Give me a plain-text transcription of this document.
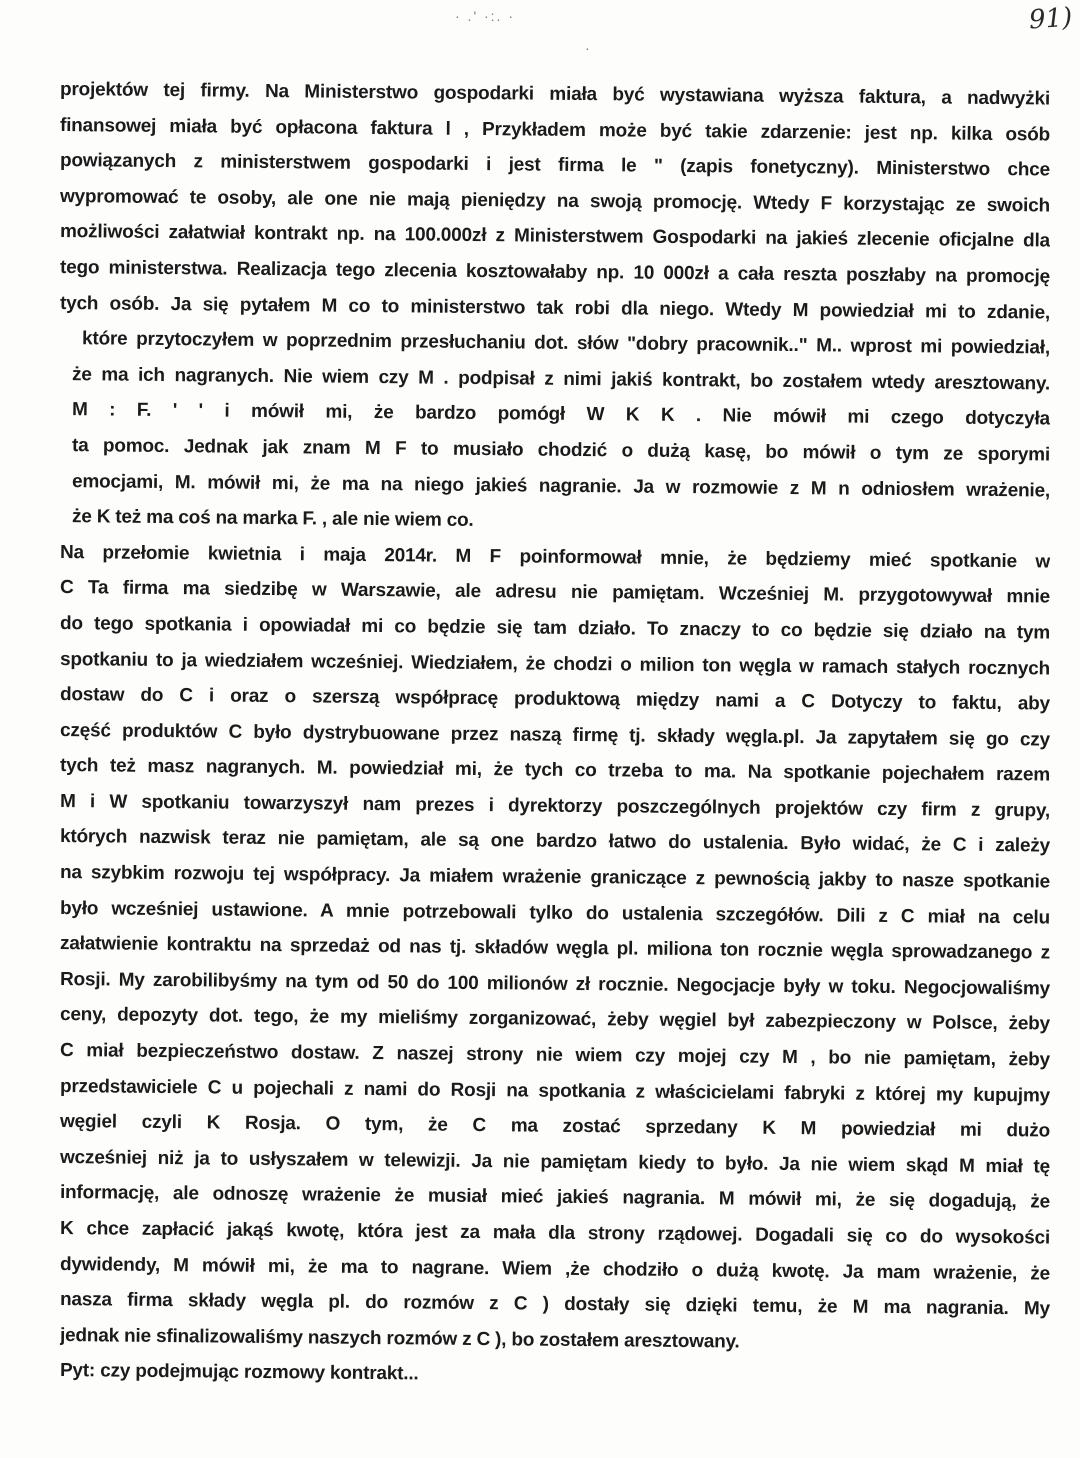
· .' ·:. ·
·
91)
projektów tej firmy. Na Ministerstwo gospodarki miała być wystawiana wyższa faktura, a nadwyżki
finansowej miała być opłacona faktura l , Przykładem może być takie zdarzenie: jest np. kilka osób
powiązanych z ministerstwem gospodarki i jest firma le " (zapis fonetyczny). Ministerstwo chce
wypromować te osoby, ale one nie mają pieniędzy na swoją promocję. Wtedy F korzystając ze swoich
możliwości załatwiał kontrakt np. na 100.000zł z Ministerstwem Gospodarki na jakieś zlecenie oficjalne dla
tego ministerstwa. Realizacja tego zlecenia kosztowałaby np. 10 000zł a cała reszta poszłaby na promocję
tych osób. Ja się pytałem M co to ministerstwo tak robi dla niego. Wtedy M powiedział mi to zdanie,
które przytoczyłem w poprzednim przesłuchaniu dot. słów "dobry pracownik.." M.. wprost mi powiedział,
że ma ich nagranych. Nie wiem czy M . podpisał z nimi jakiś kontrakt, bo zostałem wtedy aresztowany.
M : F. ' ' i mówił mi, że bardzo pomógł W K K . Nie mówił mi czego dotyczyła
ta pomoc. Jednak jak znam M F to musiało chodzić o dużą kasę, bo mówił o tym ze sporymi
emocjami, M. mówił mi, że ma na niego jakieś nagranie. Ja w rozmowie z M n odniosłem wrażenie,
że K też ma coś na marka F. , ale nie wiem co.
Na przełomie kwietnia i maja 2014r. M F poinformował mnie, że będziemy mieć spotkanie w
C Ta firma ma siedzibę w Warszawie, ale adresu nie pamiętam. Wcześniej M. przygotowywał mnie
do tego spotkania i opowiadał mi co będzie się tam działo. To znaczy to co będzie się działo na tym
spotkaniu to ja wiedziałem wcześniej. Wiedziałem, że chodzi o milion ton węgla w ramach stałych rocznych
dostaw do C i oraz o szerszą współpracę produktową między nami a C Dotyczy to faktu, aby
część produktów C było dystrybuowane przez naszą firmę tj. składy węgla.pl. Ja zapytałem się go czy
tych też masz nagranych. M. powiedział mi, że tych co trzeba to ma. Na spotkanie pojechałem razem
M i W spotkaniu towarzyszył nam prezes i dyrektorzy poszczególnych projektów czy firm z grupy,
których nazwisk teraz nie pamiętam, ale są one bardzo łatwo do ustalenia. Było widać, że C i zależy
na szybkim rozwoju tej współpracy. Ja miałem wrażenie graniczące z pewnością jakby to nasze spotkanie
było wcześniej ustawione. A mnie potrzebowali tylko do ustalenia szczegółów. Dili z C miał na celu
załatwienie kontraktu na sprzedaż od nas tj. składów węgla pl. miliona ton rocznie węgla sprowadzanego z
Rosji. My zarobilibyśmy na tym od 50 do 100 milionów zł rocznie. Negocjacje były w toku. Negocjowaliśmy
ceny, depozyty dot. tego, że my mieliśmy zorganizować, żeby węgiel był zabezpieczony w Polsce, żeby
C miał bezpieczeństwo dostaw. Z naszej strony nie wiem czy mojej czy M , bo nie pamiętam, żeby
przedstawiciele C u pojechali z nami do Rosji na spotkania z właścicielami fabryki z której my kupujmy
węgiel czyli K Rosja. O tym, że C ma zostać sprzedany K M powiedział mi dużo
wcześniej niż ja to usłyszałem w telewizji. Ja nie pamiętam kiedy to było. Ja nie wiem skąd M miał tę
informację, ale odnoszę wrażenie że musiał mieć jakieś nagrania. M mówił mi, że się dogadują, że
K chce zapłacić jakąś kwotę, która jest za mała dla strony rządowej. Dogadali się co do wysokości
dywidendy, M mówił mi, że ma to nagrane. Wiem ,że chodziło o dużą kwotę. Ja mam wrażenie, że
nasza firma składy węgla pl. do rozmów z C ) dostały się dzięki temu, że M ma nagrania. My
jednak nie sfinalizowaliśmy naszych rozmów z C ), bo zostałem aresztowany.
Pyt: czy podejmując rozmowy kontrakt...
